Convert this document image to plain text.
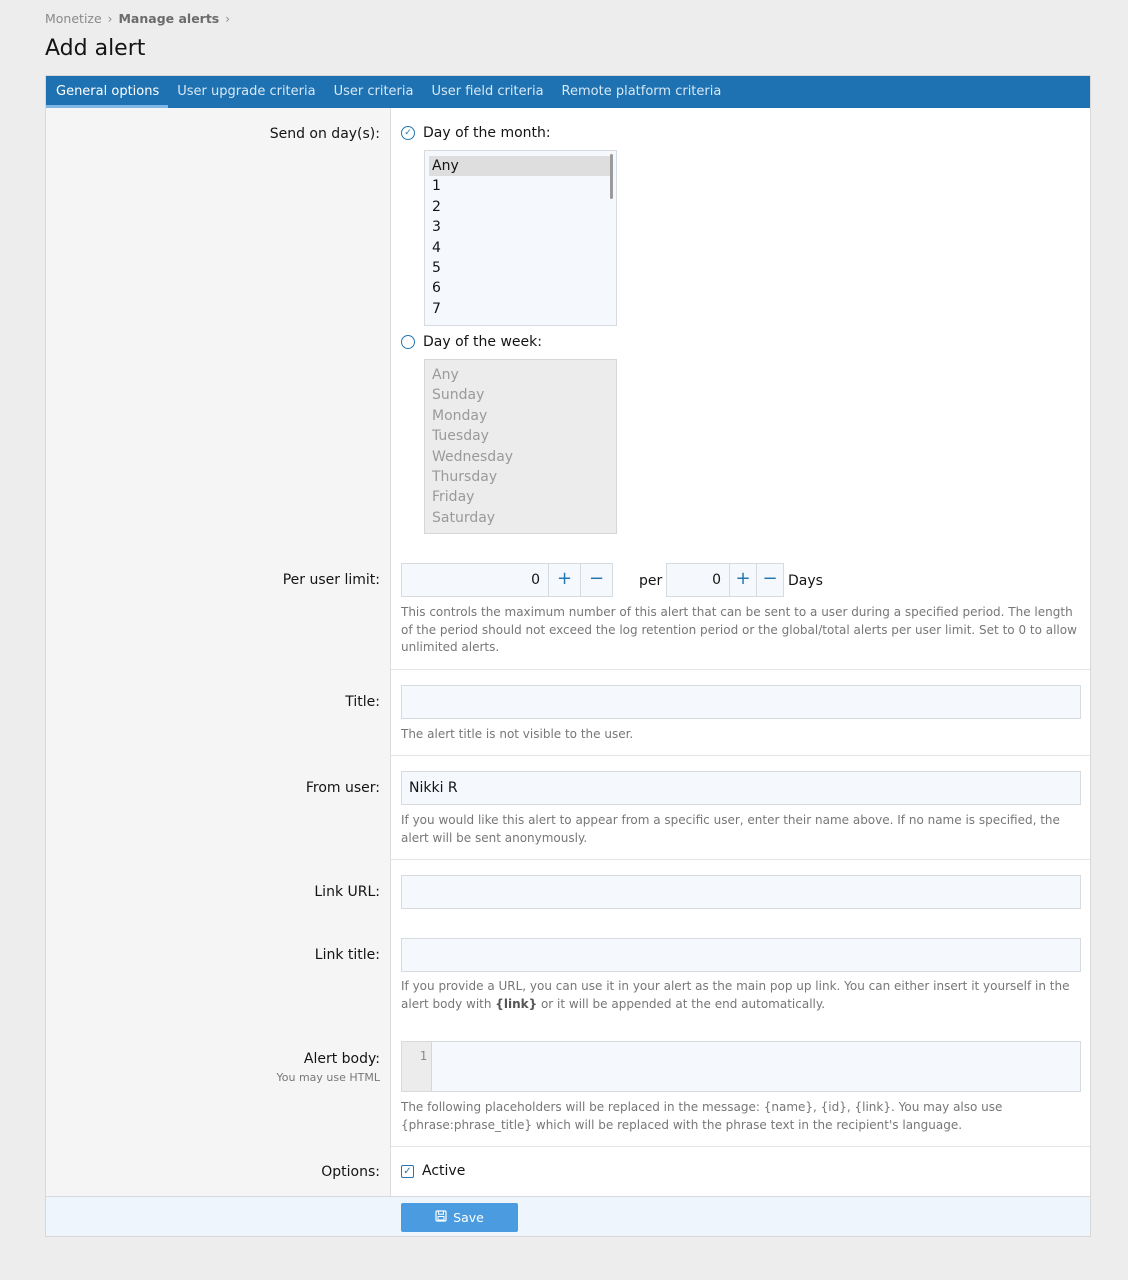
Monetize › Manage alerts ›
Add alert
General options	User upgrade criteria	User criteria	User field criteria	Remote platform criteria
Send on day(s):	✓ Day of the month:
Any
1
2
3
4
5
6
7
Day of the week:
Any
Sunday
Monday
Tuesday
Wednesday
Thursday
Friday
Saturday
Per user limit:	0 + −	per	0 + − Days
This controls the maximum number of this alert that can be sent to a user during a specified period. The length of the period should not exceed the log retention period or the global/total alerts per user limit. Set to 0 to allow unlimited alerts.
Title:
The alert title is not visible to the user.
From user:	Nikki R
If you would like this alert to appear from a specific user, enter their name above. If no name is specified, the alert will be sent anonymously.
Link URL:
Link title:
If you provide a URL, you can use it in your alert as the main pop up link. You can either insert it yourself in the alert body with {link} or it will be appended at the end automatically.
Alert body:
You may use HTML
1
The following placeholders will be replaced in the message: {name}, {id}, {link}. You may also use {phrase:phrase_title} which will be replaced with the phrase text in the recipient's language.
Options: ✓ Active
Save
